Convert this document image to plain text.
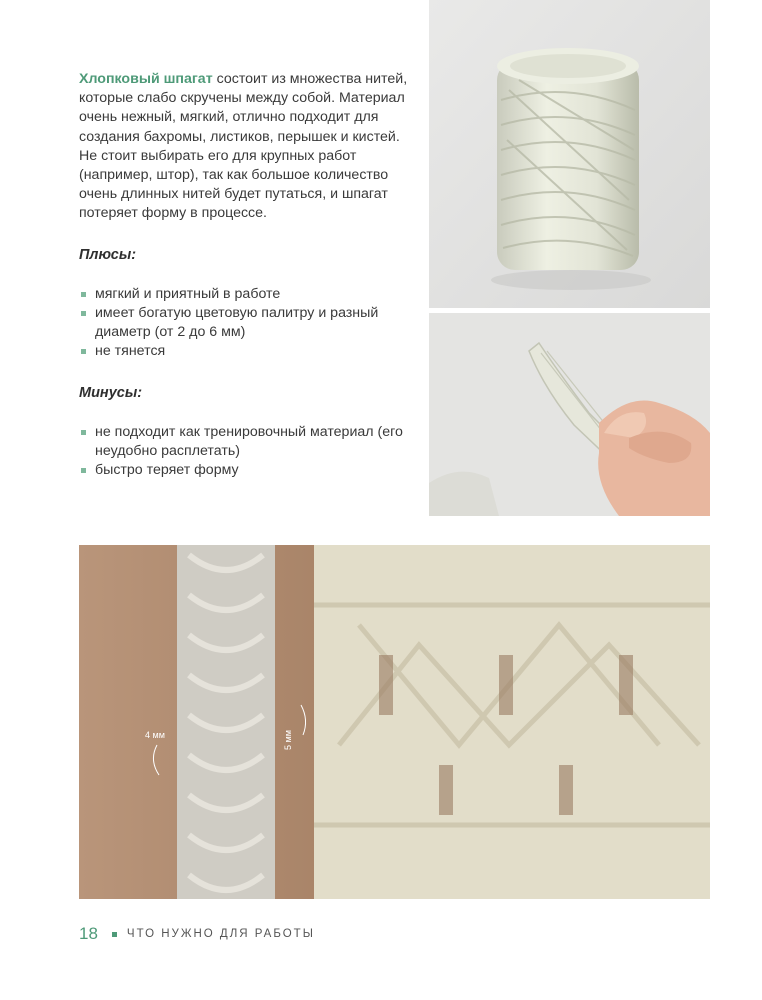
Хлопковый шпагат состоит из множества нитей, которые слабо скручены между собой. Материал очень нежный, мягкий, отлично подходит для создания бахромы, листиков, перышек и кистей. Не стоит выбирать его для крупных работ (например, штор), так как большое количество очень длинных нитей будет путаться, и шпагат потеряет форму в процессе.

Плюсы:
мягкий и приятный в работе
имеет богатую цветовую палитру и разный диаметр (от 2 до 6 мм)
не тянется
Минусы:
не подходит как тренировочный материал (его неудобно расплетать)
быстро теряет форму
4 мм	5 мм
18	ЧТО НУЖНО ДЛЯ РАБОТЫ
